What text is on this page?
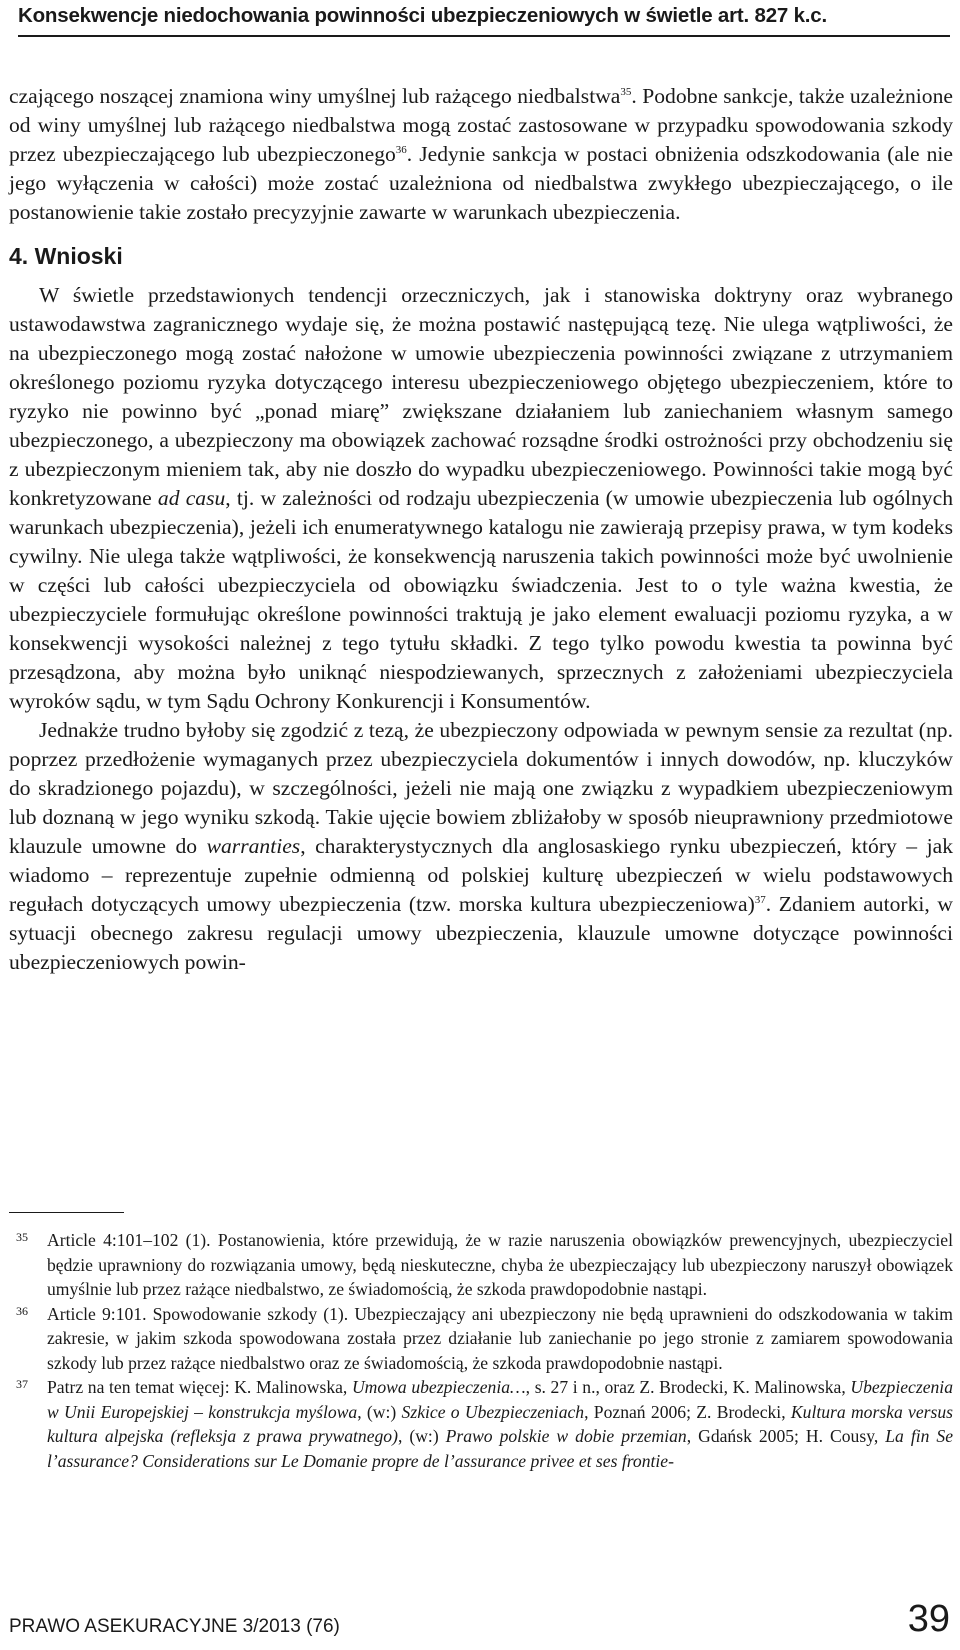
Konsekwencje niedochowania powinności ubezpieczeniowych w świetle art. 827 k.c.

czającego noszącej znamiona winy umyślnej lub rażącego niedbalstwa$^{35}$. Podobne sankcje, także uzależnione od winy umyślnej lub rażącego niedbalstwa mogą zostać zastosowane w przypadku spowodowania szkody przez ubezpieczającego lub ubezpieczonego$^{36}$. Jedynie sankcja w postaci obniżenia odszkodowania (ale nie jego wyłączenia w całości) może zostać uzależniona od niedbalstwa zwykłego ubezpieczającego, o ile postanowienie takie zostało precyzyjnie zawarte w warunkach ubezpieczenia.

4. Wnioski

W świetle przedstawionych tendencji orzeczniczych, jak i stanowiska doktryny oraz wybranego ustawodawstwa zagranicznego wydaje się, że można postawić następującą tezę. Nie ulega wątpliwości, że na ubezpieczonego mogą zostać nałożone w umowie ubezpieczenia powinności związane z utrzymaniem określonego poziomu ryzyka dotyczącego interesu ubezpieczeniowego objętego ubezpieczeniem, które to ryzyko nie powinno być „ponad miarę” zwiększane działaniem lub zaniechaniem własnym samego ubezpieczonego, a ubezpieczony ma obowiązek zachować rozsądne środki ostrożności przy obchodzeniu się z ubezpieczonym mieniem tak, aby nie doszło do wypadku ubezpieczeniowego. Powinności takie mogą być konkretyzowane ad casu, tj. w zależności od rodzaju ubezpieczenia (w umowie ubezpieczenia lub ogólnych warunkach ubezpieczenia), jeżeli ich enumeratywnego katalogu nie zawierają przepisy prawa, w tym kodeks cywilny. Nie ulega także wątpliwości, że konsekwencją naruszenia takich powinności może być uwolnienie w części lub całości ubezpieczyciela od obowiązku świadczenia. Jest to o tyle ważna kwestia, że ubezpieczyciele formułując określone powinności traktują je jako element ewaluacji poziomu ryzyka, a w konsekwencji wysokości należnej z tego tytułu składki. Z tego tylko powodu kwestia ta powinna być przesądzona, aby można było uniknąć niespodziewanych, sprzecznych z założeniami ubezpieczyciela wyroków sądu, w tym Sądu Ochrony Konkurencji i Konsumentów.

Jednakże trudno byłoby się zgodzić z tezą, że ubezpieczony odpowiada w pewnym sensie za rezultat (np. poprzez przedłożenie wymaganych przez ubezpieczyciela dokumentów i innych dowodów, np. kluczyków do skradzionego pojazdu), w szczególności, jeżeli nie mają one związku z wypadkiem ubezpieczeniowym lub doznaną w jego wyniku szkodą. Takie ujęcie bowiem zbliżałoby w sposób nieuprawniony przedmiotowe klauzule umowne do warranties, charakterystycznych dla anglosaskiego rynku ubezpieczeń, który – jak wiadomo – reprezentuje zupełnie odmienną od polskiej kulturę ubezpieczeń w wielu podstawowych regułach dotyczących umowy ubezpieczenia (tzw. morska kultura ubezpieczeniowa)$^{37}$. Zdaniem autorki, w sytuacji obecnego zakresu regulacji umowy ubezpieczenia, klauzule umowne dotyczące powinności ubezpieczeniowych powin-

35 Article 4:101–102 (1). Postanowienia, które przewidują, że w razie naruszenia obowiązków prewencyjnych, ubezpieczyciel będzie uprawniony do rozwiązania umowy, będą nieskuteczne, chyba że ubezpieczający lub ubezpieczony naruszył obowiązek umyślnie lub przez rażące niedbalstwo, ze świadomością, że szkoda prawdopodobnie nastąpi.
36 Article 9:101. Spowodowanie szkody (1). Ubezpieczający ani ubezpieczony nie będą uprawnieni do odszkodowania w takim zakresie, w jakim szkoda spowodowana została przez działanie lub zaniechanie po jego stronie z zamiarem spowodowania szkody lub przez rażące niedbalstwo oraz ze świadomością, że szkoda prawdopodobnie nastąpi.
37 Patrz na ten temat więcej: K. Malinowska, Umowa ubezpieczenia…, s. 27 i n., oraz Z. Brodecki, K. Malinowska, Ubezpieczenia w Unii Europejskiej – konstrukcja myślowa, (w:) Szkice o Ubezpieczeniach, Poznań 2006; Z. Brodecki, Kultura morska versus kultura alpejska (refleksja z prawa prywatnego), (w:) Prawo polskie w dobie przemian, Gdańsk 2005; H. Cousy, La fin Se l’assurance? Considerations sur Le Domanie propre de l’assurance privee et ses frontie-
PRAWO ASEKURACYJNE 3/2013 (76)	39
